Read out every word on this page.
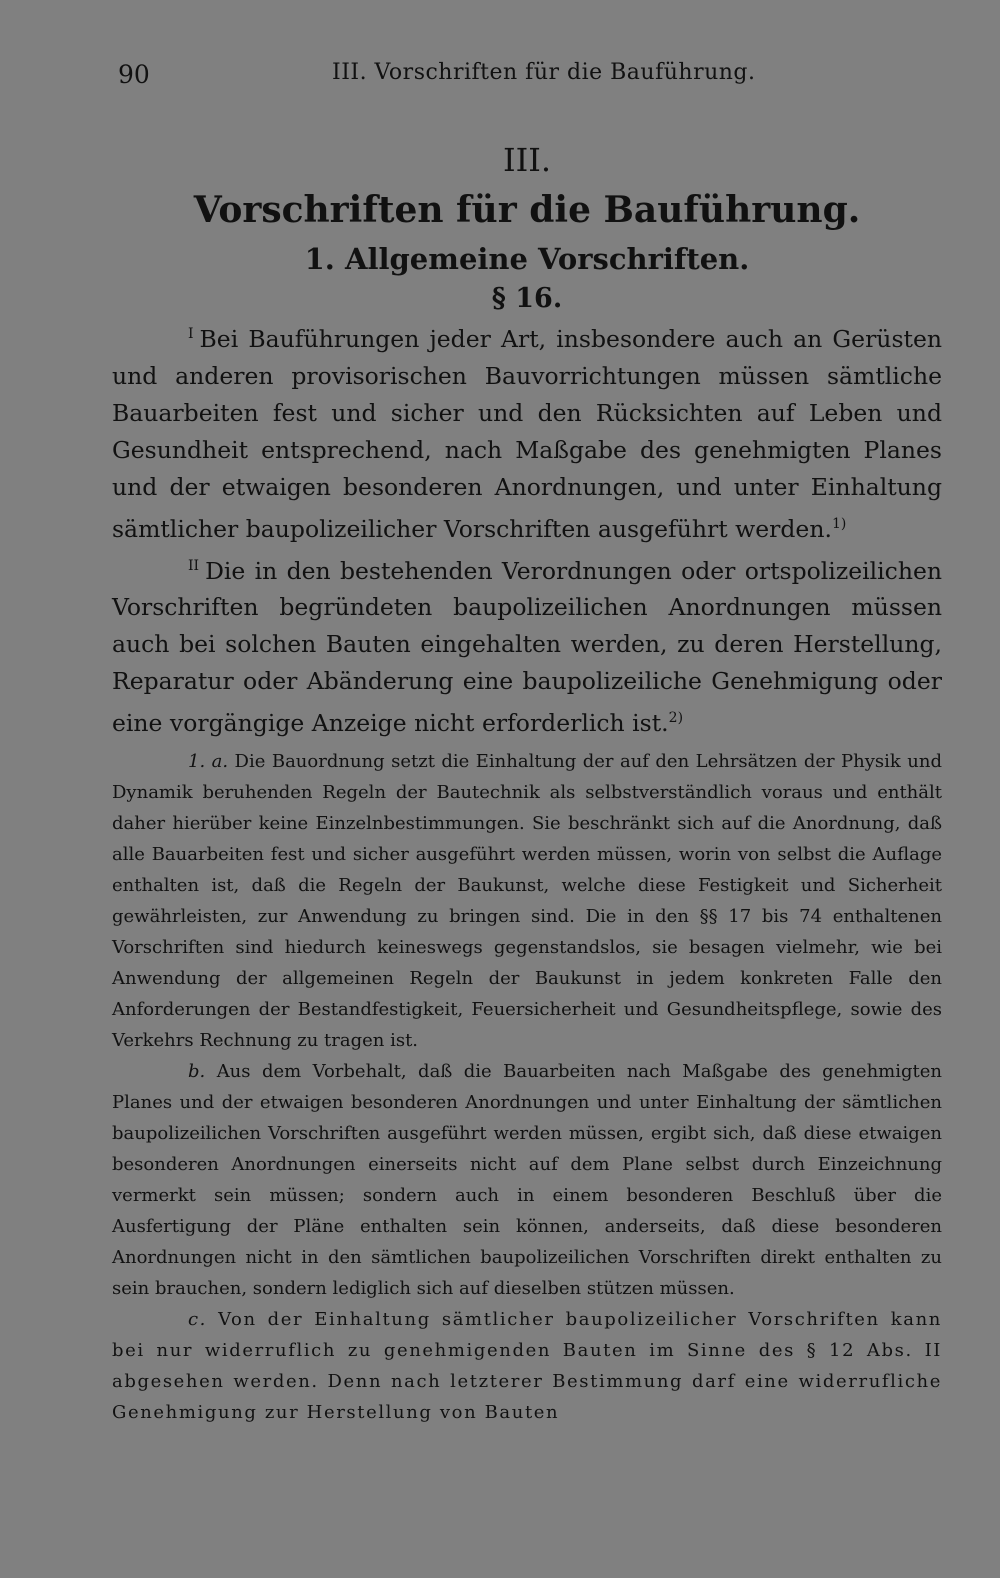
90	III. Vorschriften für die Bauführung.
III.
Vorschriften für die Bauführung.
1. Allgemeine Vorschriften.
§ 16.

$^I$ Bei Bauführungen jeder Art, insbesondere auch an Gerüsten und anderen provisorischen Bauvorrichtungen müssen sämtliche Bauarbeiten fest und sicher und den Rücksichten auf Leben und Gesundheit entsprechend, nach Maßgabe des genehmigten Planes und der etwaigen besonderen Anordnungen, und unter Einhaltung sämtlicher baupolizeilicher Vorschriften ausgeführt werden.$^{1)}$

$^{II}$ Die in den bestehenden Verordnungen oder ortspolizeilichen Vorschriften begründeten baupolizeilichen Anordnungen müssen auch bei solchen Bauten eingehalten werden, zu deren Herstellung, Reparatur oder Abänderung eine baupolizeiliche Genehmigung oder eine vorgängige Anzeige nicht erforderlich ist.$^{2)}$

1. a. Die Bauordnung setzt die Einhaltung der auf den Lehrsätzen der Physik und Dynamik beruhenden Regeln der Bautechnik als selbstverständlich voraus und enthält daher hierüber keine Einzelnbestimmungen. Sie beschränkt sich auf die Anordnung, daß alle Bauarbeiten fest und sicher ausgeführt werden müssen, worin von selbst die Auflage enthalten ist, daß die Regeln der Baukunst, welche diese Festigkeit und Sicherheit gewährleisten, zur Anwendung zu bringen sind. Die in den §§ 17 bis 74 enthaltenen Vorschriften sind hiedurch keineswegs gegenstandslos, sie besagen vielmehr, wie bei Anwendung der allgemeinen Regeln der Baukunst in jedem konkreten Falle den Anforderungen der Bestandfestigkeit, Feuersicherheit und Gesundheitspflege, sowie des Verkehrs Rechnung zu tragen ist.

b. Aus dem Vorbehalt, daß die Bauarbeiten nach Maßgabe des genehmigten Planes und der etwaigen besonderen Anordnungen und unter Einhaltung der sämtlichen baupolizeilichen Vorschriften ausgeführt werden müssen, ergibt sich, daß diese etwaigen besonderen Anordnungen einerseits nicht auf dem Plane selbst durch Einzeichnung vermerkt sein müssen; sondern auch in einem besonderen Beschluß über die Ausfertigung der Pläne enthalten sein können, anderseits, daß diese besonderen Anordnungen nicht in den sämtlichen baupolizeilichen Vorschriften direkt enthalten zu sein brauchen, sondern lediglich sich auf dieselben stützen müssen.

c. Von der Einhaltung sämtlicher baupolizeilicher Vorschriften kann bei nur widerruflich zu genehmigenden Bauten im Sinne des § 12 Abs. II abgesehen werden. Denn nach letzterer Bestimmung darf eine widerrufliche Genehmigung zur Herstellung von Bauten
